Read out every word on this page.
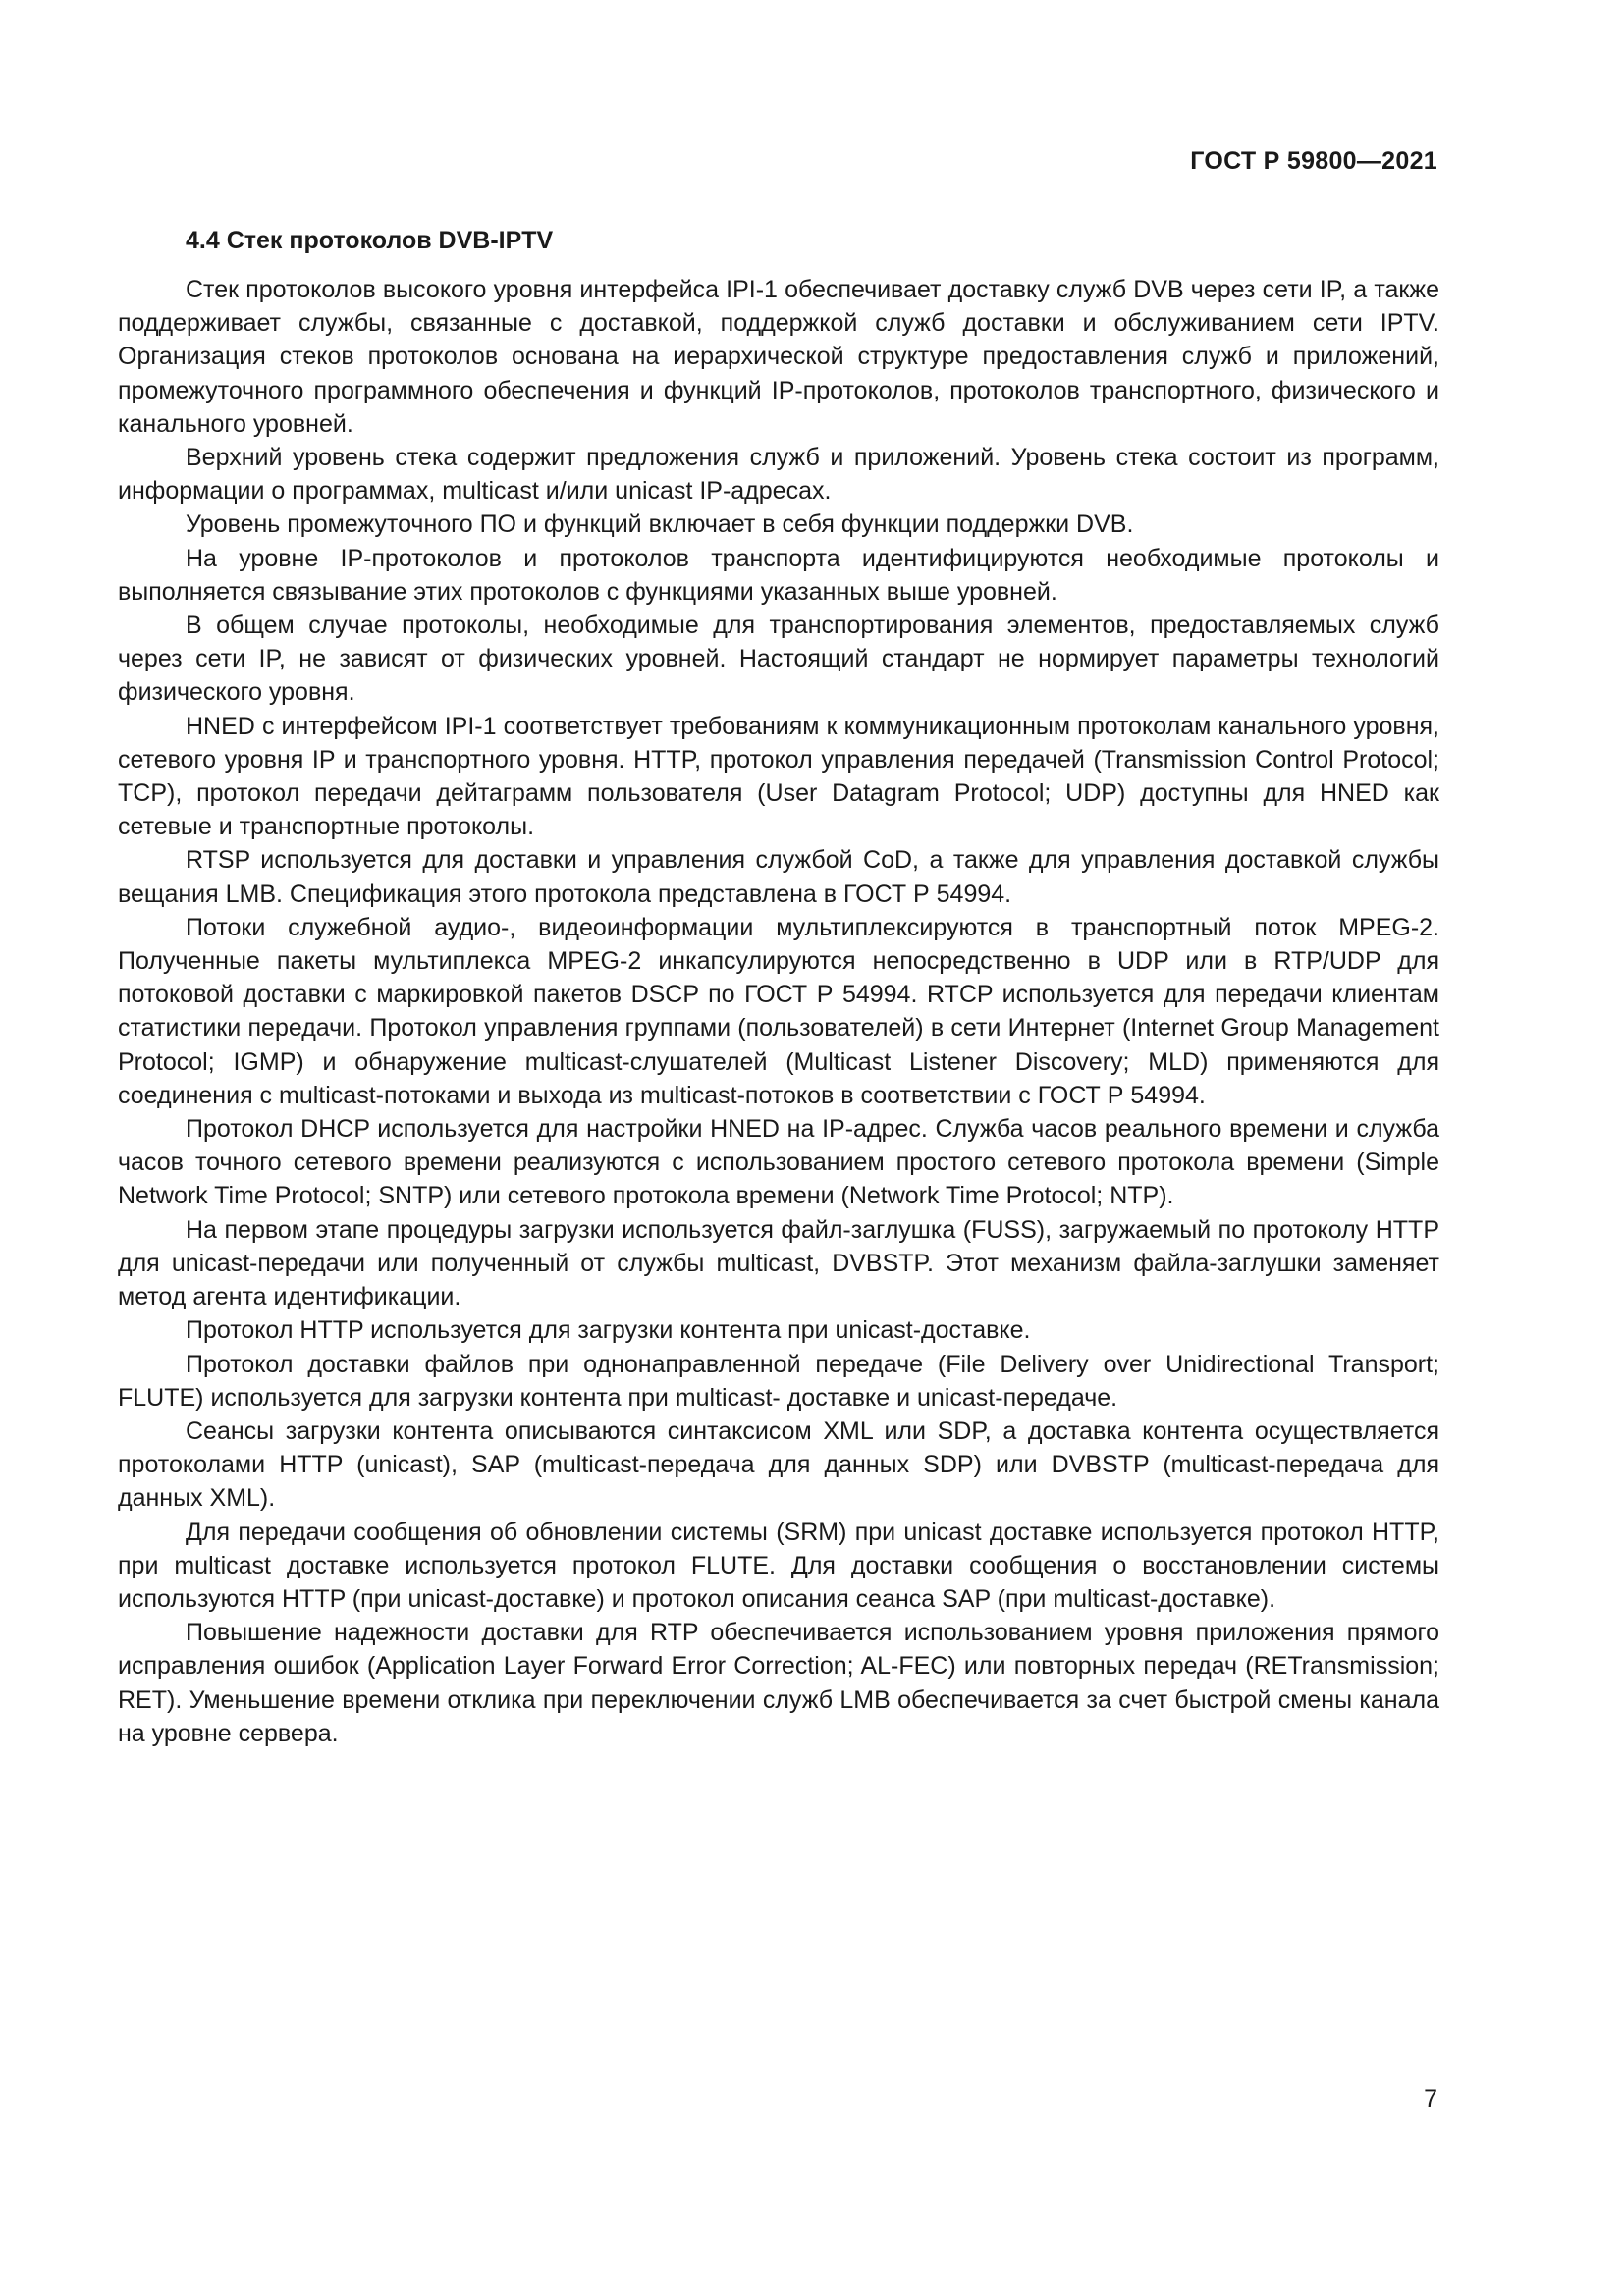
ГОСТ Р 59800—2021
4.4 Стек протоколов DVB-IPTV

Стек протоколов высокого уровня интерфейса IPI-1 обеспечивает доставку служб DVB через сети IP, а также поддерживает службы, связанные с доставкой, поддержкой служб доставки и обслуживанием сети IPTV. Организация стеков протоколов основана на иерархической структуре предоставления служб и приложений, промежуточного программного обеспечения и функций IP-протоколов, протоколов транспортного, физического и канального уровней.

Верхний уровень стека содержит предложения служб и приложений. Уровень стека состоит из программ, информации о программах, multicast и/или unicast IP-адресах.

Уровень промежуточного ПО и функций включает в себя функции поддержки DVB.

На уровне IP-протоколов и протоколов транспорта идентифицируются необходимые протоколы и выполняется связывание этих протоколов с функциями указанных выше уровней.

В общем случае протоколы, необходимые для транспортирования элементов, предоставляемых служб через сети IP, не зависят от физических уровней. Настоящий стандарт не нормирует параметры технологий физического уровня.

HNED с интерфейсом IPI-1 соответствует требованиям к коммуникационным протоколам канального уровня, сетевого уровня IP и транспортного уровня. HTTP, протокол управления передачей (Transmission Control Protocol; TCP), протокол передачи дейтаграмм пользователя (User Datagram Protocol; UDP) доступны для HNED как сетевые и транспортные протоколы.

RTSP используется для доставки и управления службой CoD, а также для управления доставкой службы вещания LMB. Спецификация этого протокола представлена в ГОСТ Р 54994.

Потоки служебной аудио-, видеоинформации мультиплексируются в транспортный поток MPEG-2. Полученные пакеты мультиплекса MPEG-2 инкапсулируются непосредственно в UDP или в RTP/UDP для потоковой доставки с маркировкой пакетов DSCP по ГОСТ Р 54994. RTCP используется для передачи клиентам статистики передачи. Протокол управления группами (пользователей) в сети Интернет (Internet Group Management Protocol; IGMP) и обнаружение multicast-слушателей (Multicast Listener Discovery; MLD) применяются для соединения с multicast-потоками и выхода из multicast-потоков в соответствии с ГОСТ Р 54994.

Протокол DHCP используется для настройки HNED на IP-адрес. Служба часов реального времени и служба часов точного сетевого времени реализуются с использованием простого сетевого протокола времени (Simple Network Time Protocol; SNTP) или сетевого протокола времени (Network Time Protocol; NTP).

На первом этапе процедуры загрузки используется файл-заглушка (FUSS), загружаемый по протоколу HTTP для unicast-передачи или полученный от службы multicast, DVBSTP. Этот механизм файла-заглушки заменяет метод агента идентификации.

Протокол HTTP используется для загрузки контента при unicast-доставке.

Протокол доставки файлов при однонаправленной передаче (File Delivery over Unidirectional Transport; FLUTE) используется для загрузки контента при multicast- доставке и unicast-передаче.

Сеансы загрузки контента описываются синтаксисом XML или SDP, а доставка контента осуществляется протоколами HTTP (unicast), SAP (multicast-передача для данных SDP) или DVBSTP (multicast-передача для данных XML).

Для передачи сообщения об обновлении системы (SRM) при unicast доставке используется протокол HTTP, при multicast доставке используется протокол FLUTE. Для доставки сообщения о восстановлении системы используются HTTP (при unicast-доставке) и протокол описания сеанса SAP (при multicast-доставке).

Повышение надежности доставки для RTP обеспечивается использованием уровня приложения прямого исправления ошибок (Application Layer Forward Error Correction; AL-FEC) или повторных передач (RETransmission; RET). Уменьшение времени отклика при переключении служб LMB обеспечивается за счет быстрой смены канала на уровне сервера.

7
